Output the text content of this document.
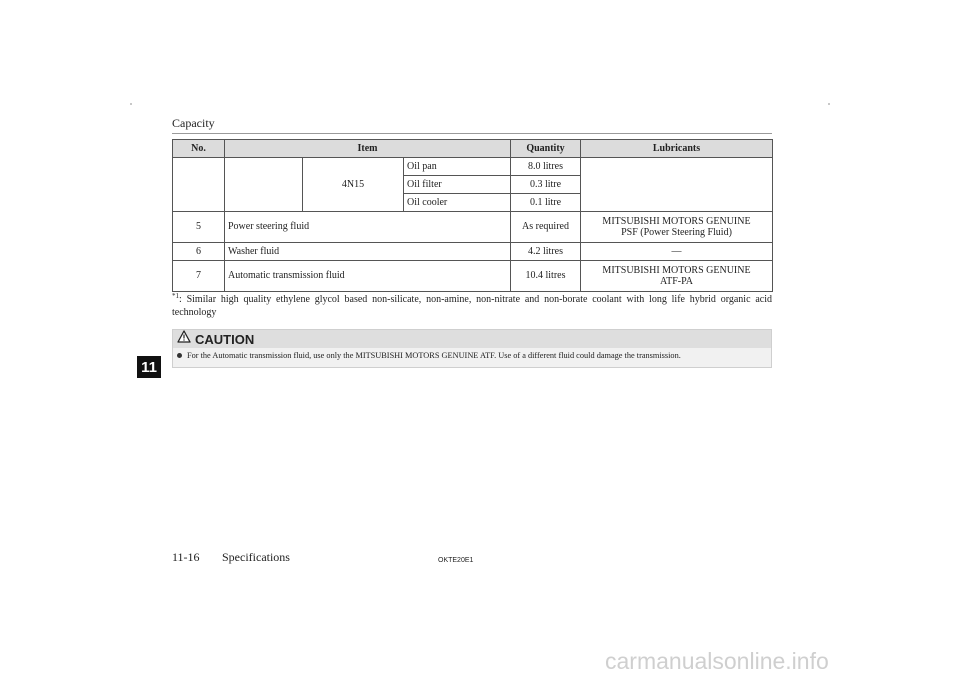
Capacity
No.	Item			Quantity	Lubricants
		4N15	Oil pan	8.0 litres	
			Oil filter	0.3 litre	
			Oil cooler	0.1 litre	
5	Power steering fluid			As required	MITSUBISHI MOTORS GENUINE
PSF (Power Steering Fluid)

6	Washer fluid			4.2 litres	—
7	Automatic transmission fluid			10.4 litres	MITSUBISHI MOTORS GENUINE
ATF-PA
$^{*1}$: Similar high quality ethylene glycol based non-silicate, non-amine, non-nitrate and non-borate coolant with long life hybrid organic acid technology
CAUTION
For the Automatic transmission fluid, use only the MITSUBISHI MOTORS GENUINE ATF. Use of a different fluid could damage the transmission.
11
11-16 Specifications	OKTE20E1
carmanualsonline.info
